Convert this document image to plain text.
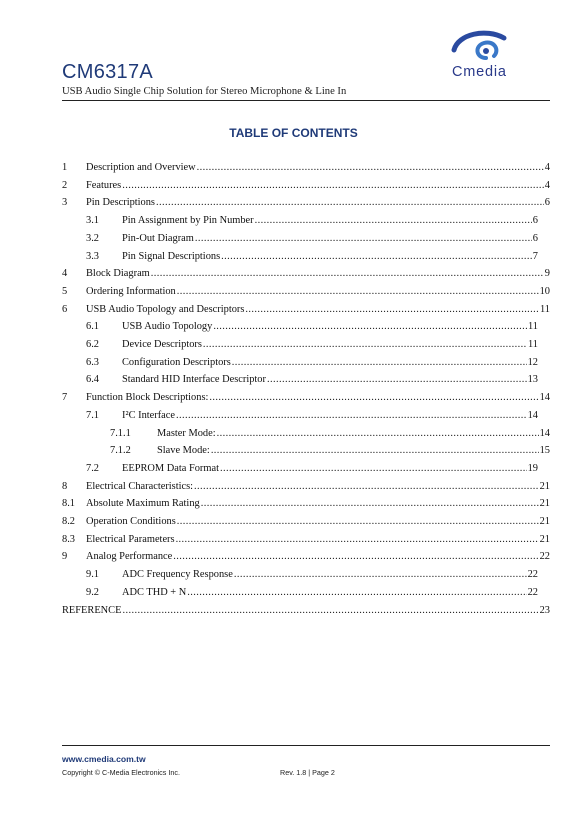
CM6317A
USB Audio Single Chip Solution for Stereo Microphone & Line In
Cmedia
TABLE OF CONTENTS
1	Description and Overview .....	4
2	Features .....	4
3	Pin Descriptions .....	6
3.1	Pin Assignment by Pin Number .....	6
3.2	Pin-Out Diagram .....	6
3.3	Pin Signal Descriptions .....	7
4	Block Diagram .....	9
5	Ordering Information .....	10
6	USB Audio Topology and Descriptors .....	11
6.1	USB Audio Topology .....	11
6.2	Device Descriptors .....	11
6.3	Configuration Descriptors .....	12
6.4	Standard HID Interface Descriptor .....	13
7	Function Block Descriptions: .....	14
7.1	I²C Interface .....	14
7.1.1	Master Mode: .....	14
7.1.2	Slave Mode: .....	15
7.2	EEPROM Data Format .....	19
8	Electrical Characteristics: .....	21
8.1	Absolute Maximum Rating .....	21
8.2	Operation Conditions .....	21
8.3	Electrical Parameters .....	21
9	Analog Performance .....	22
9.1	ADC Frequency Response .....	22
9.2	ADC THD + N .....	22
REFERENCE .....	23
www.cmedia.com.tw
Copyright © C-Media Electronics Inc.	Rev. 1.8 | Page 2
